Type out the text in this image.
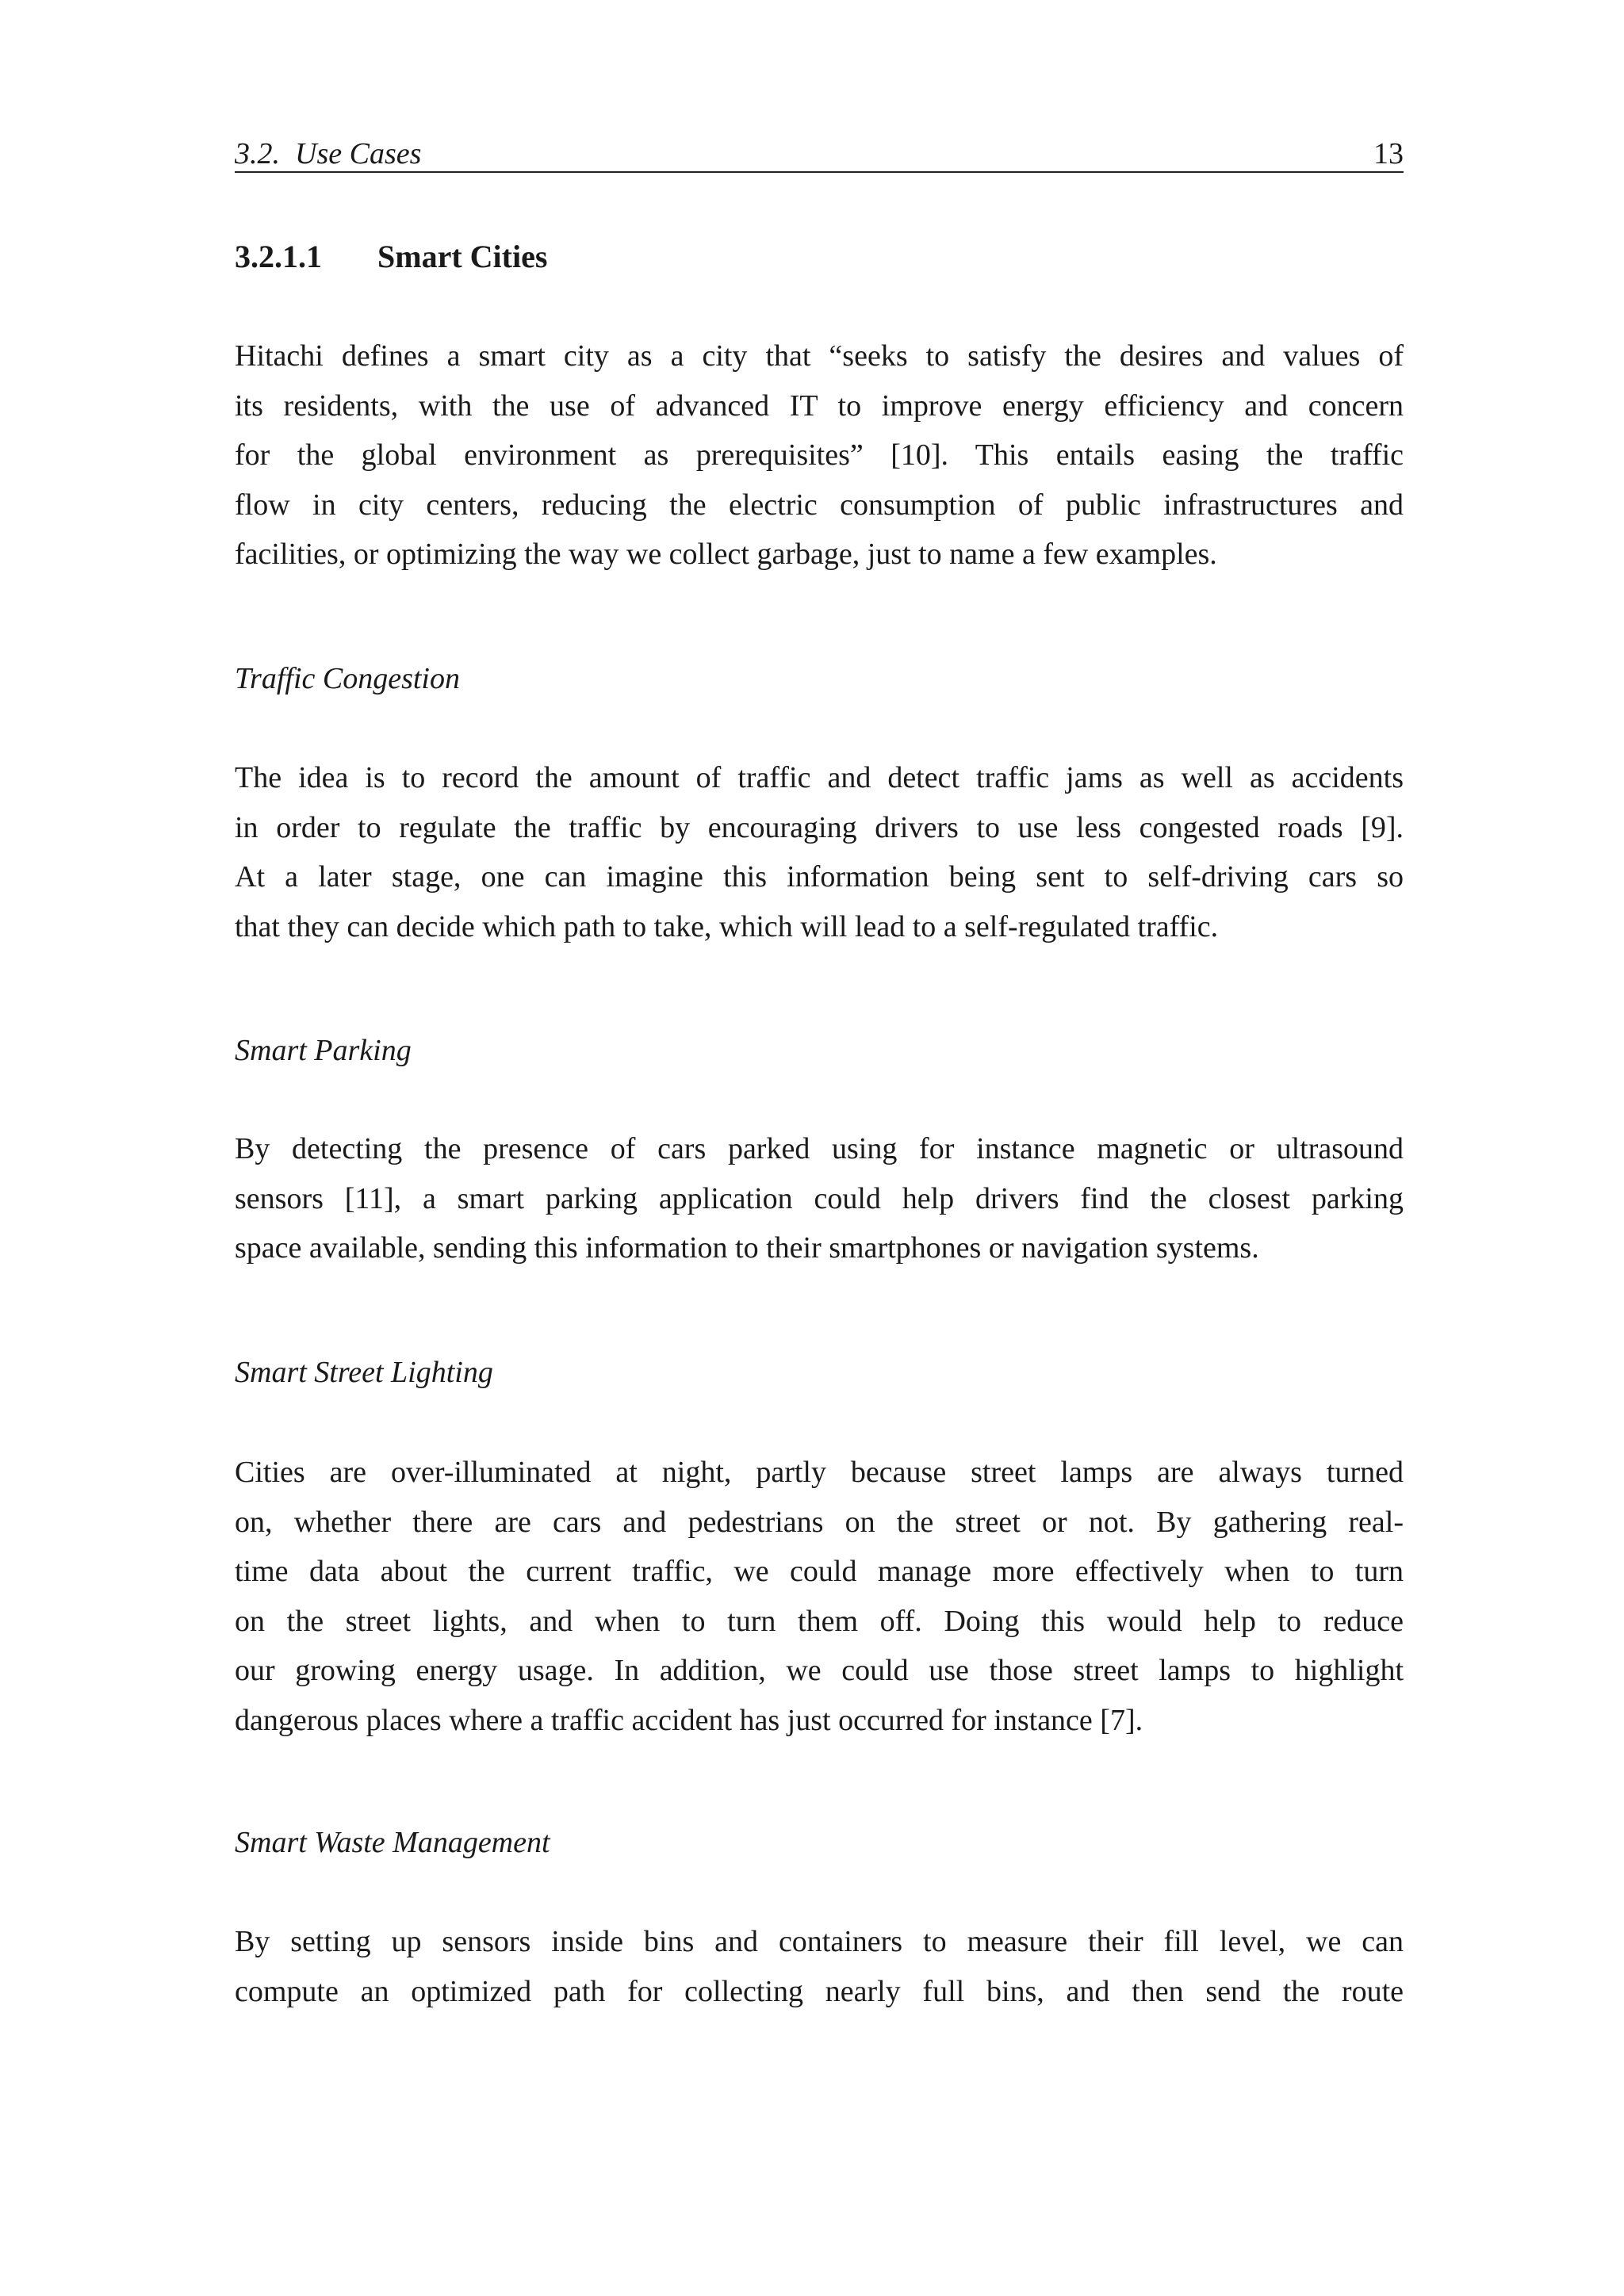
3.2.  Use Cases	13
3.2.1.1 Smart Cities
Hitachi defines a smart city as a city that “seeks to satisfy the desires and values of
its residents, with the use of advanced IT to improve energy efficiency and concern
for the global environment as prerequisites” [10]. This entails easing the traffic
flow in city centers, reducing the electric consumption of public infrastructures and
facilities, or optimizing the way we collect garbage, just to name a few examples.
Traffic Congestion
The idea is to record the amount of traffic and detect traffic jams as well as accidents
in order to regulate the traffic by encouraging drivers to use less congested roads [9].
At a later stage, one can imagine this information being sent to self-driving cars so
that they can decide which path to take, which will lead to a self-regulated traffic.
Smart Parking
By detecting the presence of cars parked using for instance magnetic or ultrasound
sensors [11], a smart parking application could help drivers find the closest parking
space available, sending this information to their smartphones or navigation systems.
Smart Street Lighting
Cities are over-illuminated at night, partly because street lamps are always turned
on, whether there are cars and pedestrians on the street or not. By gathering real-
time data about the current traffic, we could manage more effectively when to turn
on the street lights, and when to turn them off. Doing this would help to reduce
our growing energy usage. In addition, we could use those street lamps to highlight
dangerous places where a traffic accident has just occurred for instance [7].
Smart Waste Management
By setting up sensors inside bins and containers to measure their fill level, we can
compute an optimized path for collecting nearly full bins, and then send the route
